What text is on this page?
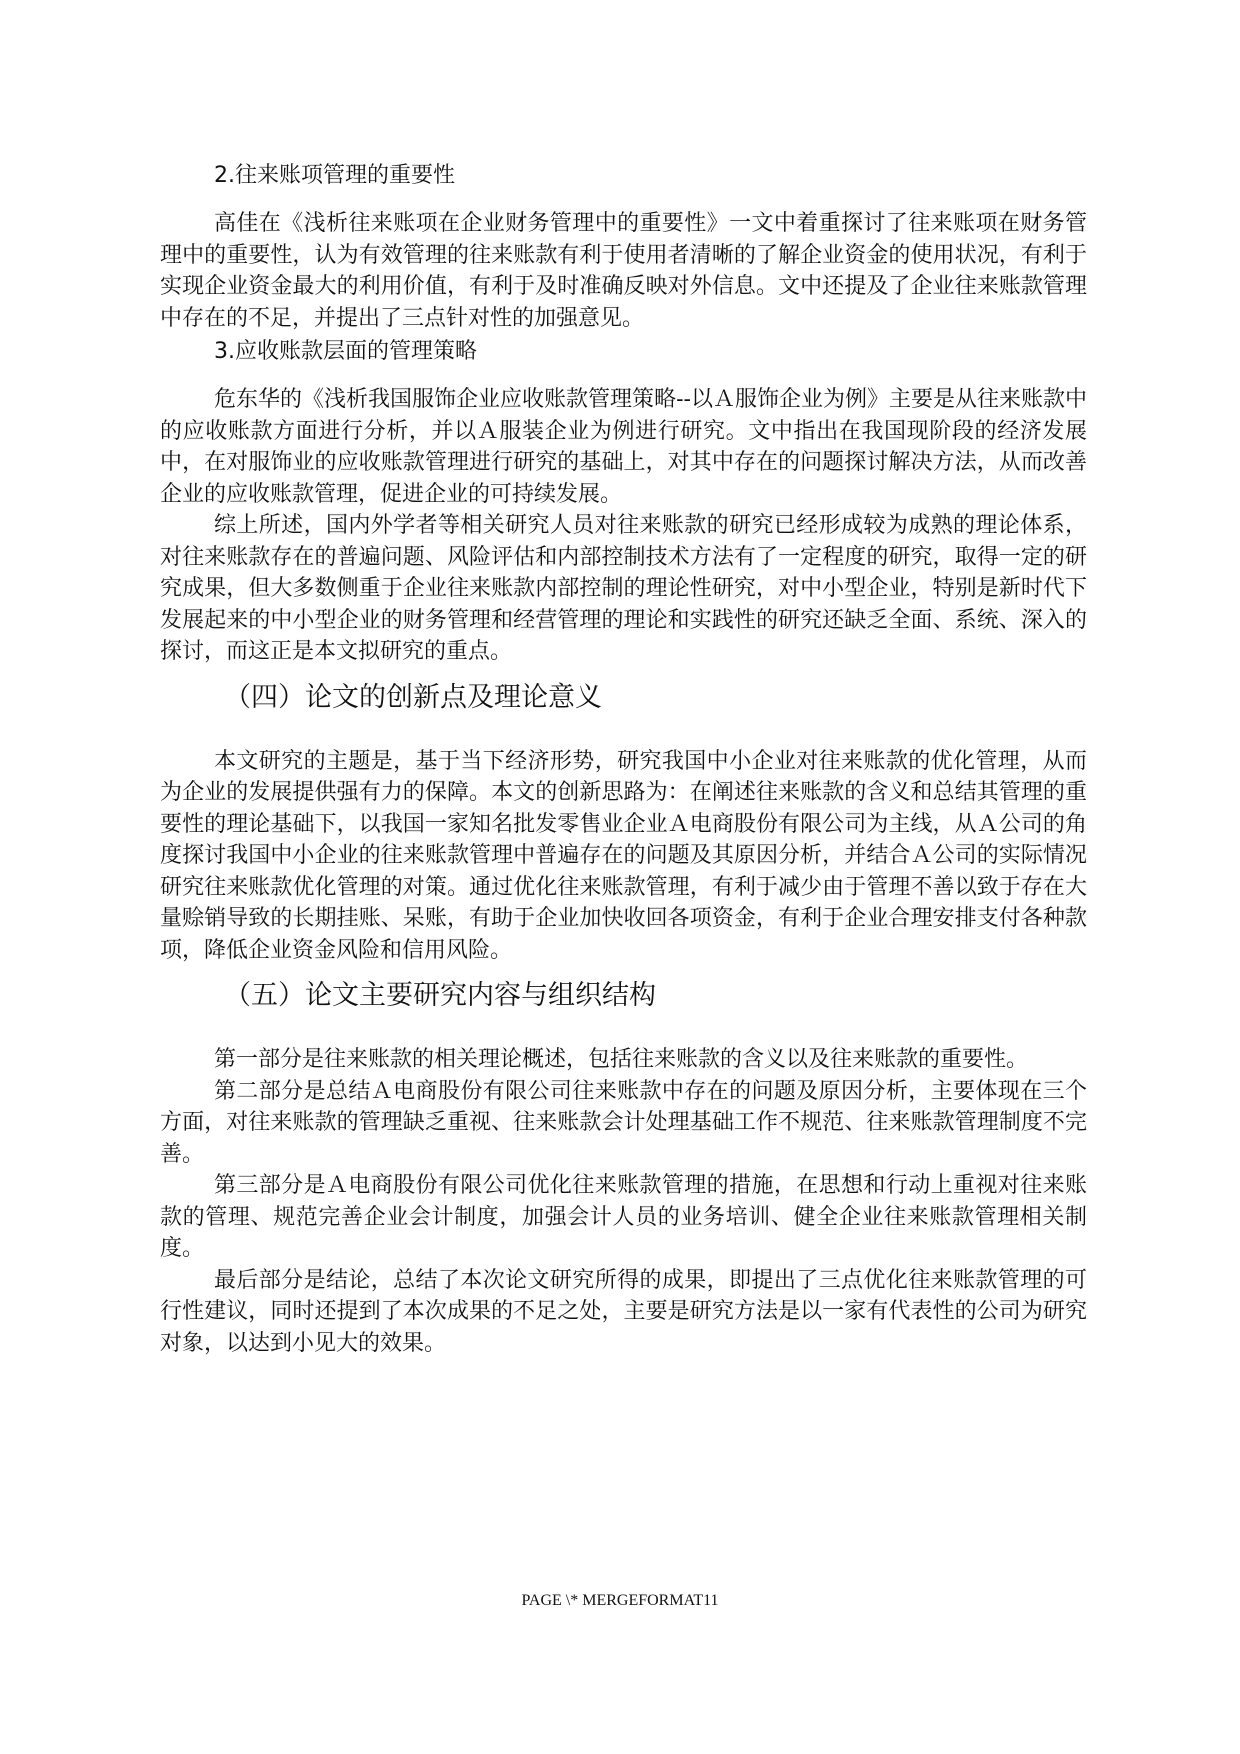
2.往来账项管理的重要性

高佳在《浅析往来账项在企业财务管理中的重要性》一文中着重探讨了往来账项在财务管理中的重要性，认为有效管理的往来账款有利于使用者清晰的了解企业资金的使用状况，有利于实现企业资金最大的利用价值，有利于及时准确反映对外信息。文中还提及了企业往来账款管理中存在的不足，并提出了三点针对性的加强意见。

3.应收账款层面的管理策略

危东华的《浅析我国服饰企业应收账款管理策略--以Ａ服饰企业为例》主要是从往来账款中的应收账款方面进行分析，并以Ａ服装企业为例进行研究。文中指出在我国现阶段的经济发展中，在对服饰业的应收账款管理进行研究的基础上，对其中存在的问题探讨解决方法，从而改善企业的应收账款管理，促进企业的可持续发展。

综上所述，国内外学者等相关研究人员对往来账款的研究已经形成较为成熟的理论体系，对往来账款存在的普遍问题、风险评估和内部控制技术方法有了一定程度的研究，取得一定的研究成果，但大多数侧重于企业往来账款内部控制的理论性研究，对中小型企业，特别是新时代下发展起来的中小型企业的财务管理和经营管理的理论和实践性的研究还缺乏全面、系统、深入的探讨，而这正是本文拟研究的重点。

（四）论文的创新点及理论意义

本文研究的主题是，基于当下经济形势，研究我国中小企业对往来账款的优化管理，从而为企业的发展提供强有力的保障。本文的创新思路为：在阐述往来账款的含义和总结其管理的重要性的理论基础下，以我国一家知名批发零售业企业Ａ电商股份有限公司为主线，从Ａ公司的角度探讨我国中小企业的往来账款管理中普遍存在的问题及其原因分析，并结合Ａ公司的实际情况研究往来账款优化管理的对策。通过优化往来账款管理，有利于减少由于管理不善以致于存在大量赊销导致的长期挂账、呆账，有助于企业加快收回各项资金，有利于企业合理安排支付各种款项，降低企业资金风险和信用风险。

（五）论文主要研究内容与组织结构

第一部分是往来账款的相关理论概述，包括往来账款的含义以及往来账款的重要性。

第二部分是总结Ａ电商股份有限公司往来账款中存在的问题及原因分析，主要体现在三个方面，对往来账款的管理缺乏重视、往来账款会计处理基础工作不规范、往来账款管理制度不完善。

第三部分是Ａ电商股份有限公司优化往来账款管理的措施，在思想和行动上重视对往来账款的管理、规范完善企业会计制度，加强会计人员的业务培训、健全企业往来账款管理相关制度。

最后部分是结论，总结了本次论文研究所得的成果，即提出了三点优化往来账款管理的可行性建议，同时还提到了本次成果的不足之处，主要是研究方法是以一家有代表性的公司为研究对象，以达到小见大的效果。

PAGE \* MERGEFORMAT11
